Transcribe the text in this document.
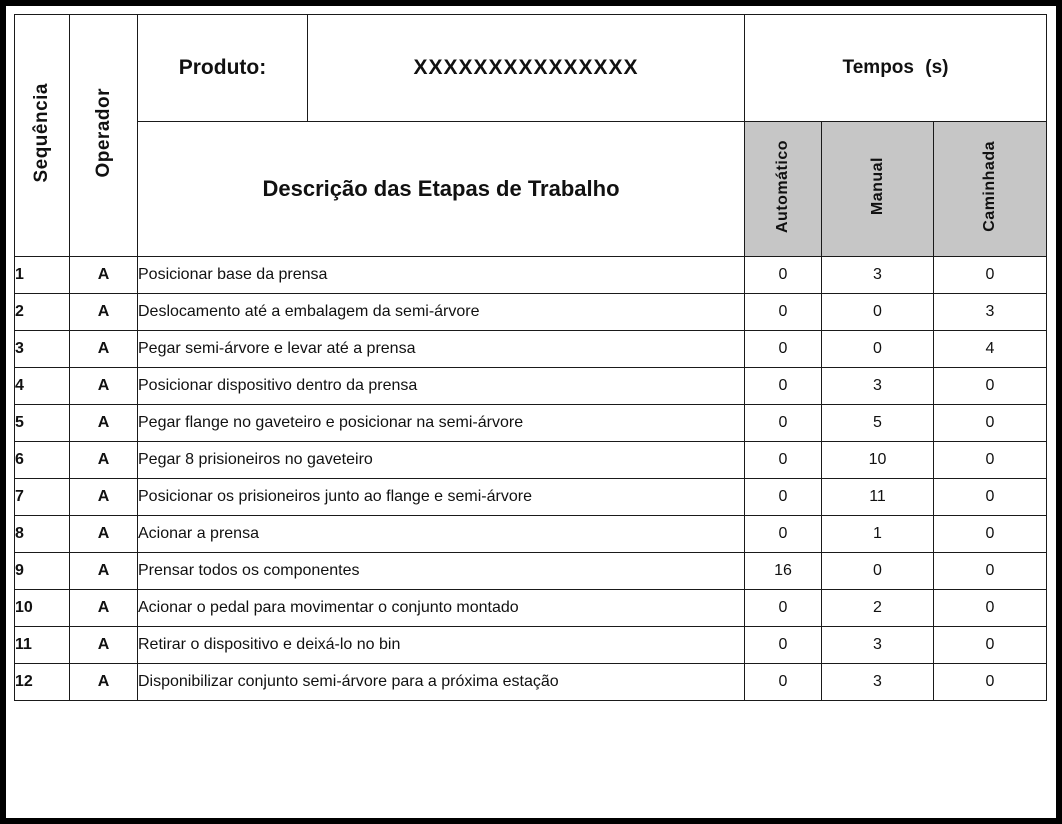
Sequência	Operador	Produto:	XXXXXXXXXXXXXXX	Tempos (s)		
		Descrição das Etapas de Trabalho		Automático	Manual	Caminhada
1	A	Posicionar base da prensa		0	3	0
2	A	Deslocamento até a embalagem da semi-árvore		0	0	3
3	A	Pegar semi-árvore e levar até a prensa		0	0	4
4	A	Posicionar dispositivo dentro da prensa		0	3	0
5	A	Pegar flange no gaveteiro e posicionar na semi-árvore		0	5	0
6	A	Pegar 8 prisioneiros no gaveteiro		0	10	0
7	A	Posicionar os prisioneiros junto ao flange e semi-árvore		0	11	0
8	A	Acionar a prensa		0	1	0
9	A	Prensar todos os componentes		16	0	0
10	A	Acionar o pedal para movimentar o conjunto montado		0	2	0
11	A	Retirar o dispositivo e deixá-lo no bin		0	3	0
12	A	Disponibilizar conjunto semi-árvore para a próxima estação		0	3	0
